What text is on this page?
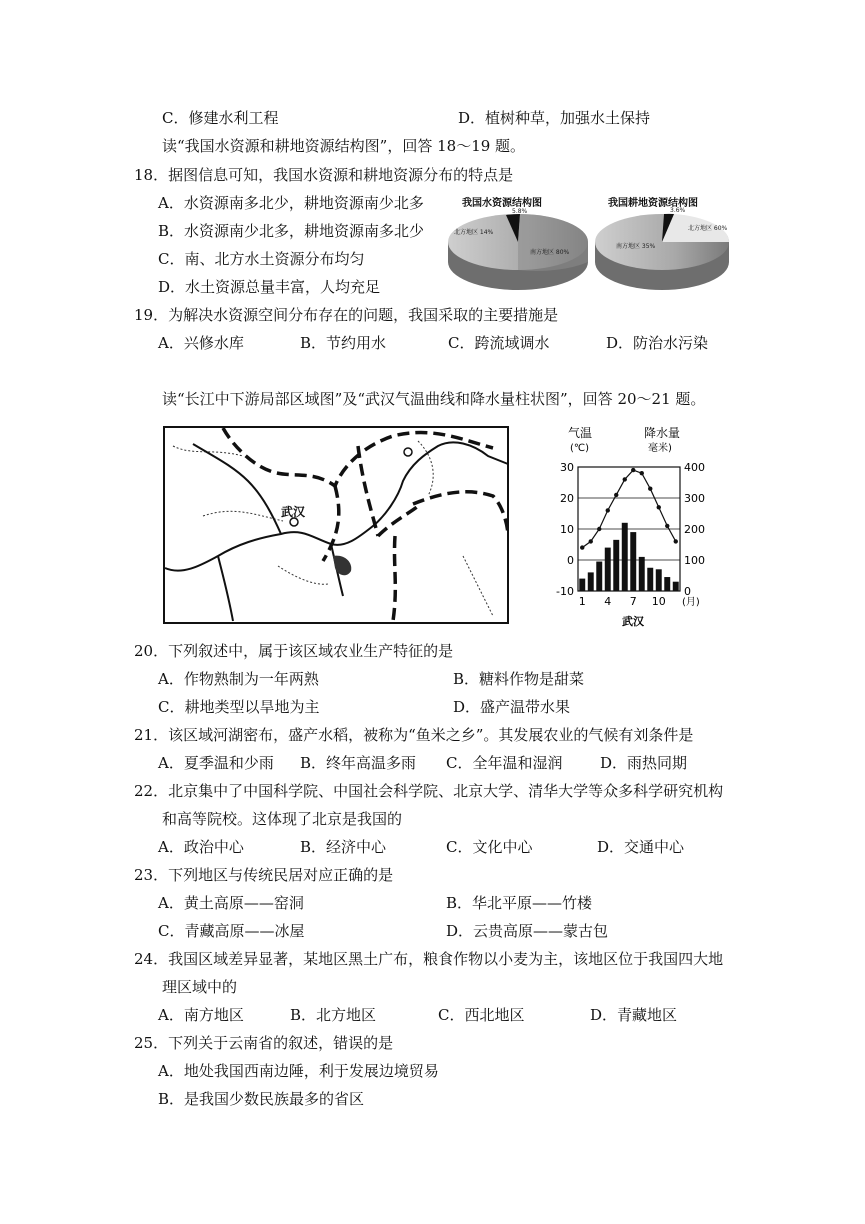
C．修建水利工程	D．植树种草，加强水土保持
读“我国水资源和耕地资源结构图”，回答 18～19 题。
18．据图信息可知，我国水资源和耕地资源分布的特点是
A．水资源南多北少，耕地资源南少北多
B．水资源南少北多，耕地资源南多北少
C．南、北方水土资源分布均匀
D．水土资源总量丰富，人均充足
我国水资源结构图	我国耕地资源结构图
5.8%
北方地区 14%
南方地区 80%
3.6%
南方地区 35%
北方地区 60%
19．为解决水资源空间分布存在的问题，我国采取的主要措施是
A．兴修水库	B．节约用水	C．跨流域调水	D．防治水污染
读“长江中下游局部区域图”及“武汉气温曲线和降水量柱状图”，回答 20～21 题。
武汉
气温
(℃)
降水量
毫米)
30
20
10
0
-10
400
300
200
100
0
1 4 7 10 (月)
武汉
20．下列叙述中，属于该区域农业生产特征的是
A．作物熟制为一年两熟	B．糖料作物是甜菜
C．耕地类型以旱地为主	D．盛产温带水果
21．该区域河湖密布，盛产水稻，被称为“鱼米之乡”。其发展农业的气候有刘条件是
A．夏季温和少雨 B．终年高温多雨 C．全年温和湿润	D．雨热同期
22．北京集中了中国科学院、中国社会科学院、北京大学、清华大学等众多科学研究机构
和高等院校。这体现了北京是我国的
A．政治中心	B．经济中心	C．文化中心	D．交通中心
23．下列地区与传统民居对应正确的是
A．黄土高原——窑洞	B．华北平原——竹楼
C．青藏高原——冰屋	D．云贵高原——蒙古包
24．我国区域差异显著，某地区黑土广布，粮食作物以小麦为主，该地区位于我国四大地
理区域中的
A．南方地区	B．北方地区	C．西北地区	D．青藏地区
25．下列关于云南省的叙述，错误的是
A．地处我国西南边陲，利于发展边境贸易
B．是我国少数民族最多的省区
